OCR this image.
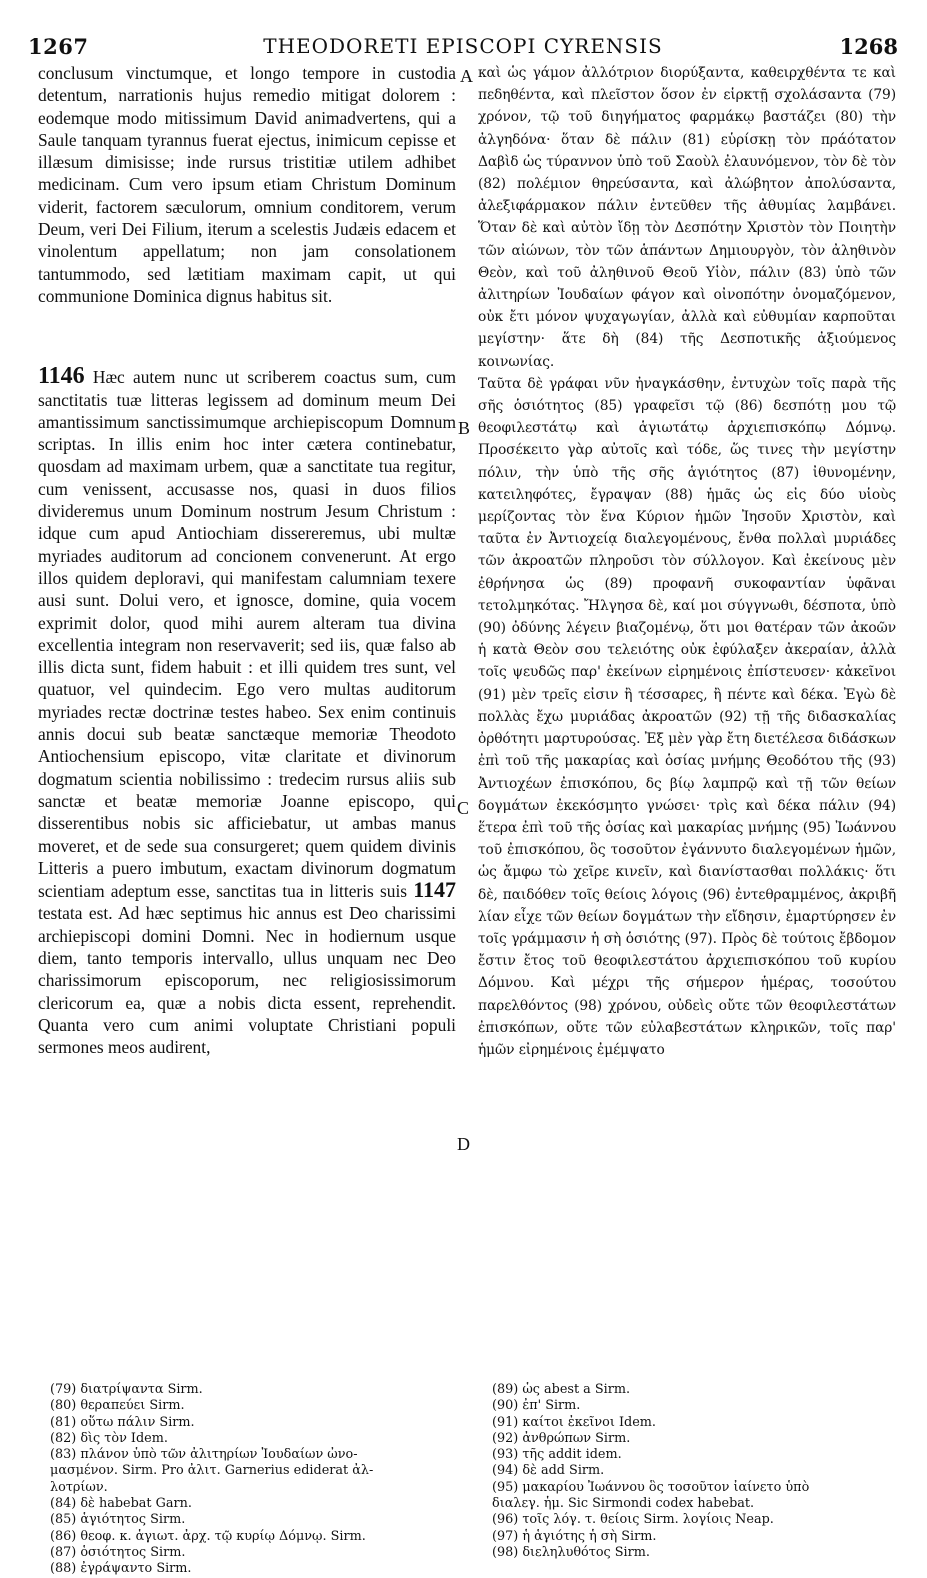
1267	THEODORETI EPISCOPI CYRENSIS	1268

conclusum vinctumque, et longo tempore in custodia detentum, narrationis hujus remedio mitigat dolorem : eodemque modo mitissimum David animadvertens, qui a Saule tanquam tyrannus fuerat ejectus, inimicum cepisse et illæsum dimisisse; inde rursus tristitiæ utilem adhibet medicinam. Cum vero ipsum etiam Christum Dominum viderit, factorem sæculorum, omnium conditorem, verum Deum, veri Dei Filium, iterum a scelestis Judæis edacem et vinolentum appellatum; non jam consolationem tantummodo, sed lætitiam maximam capit, ut qui communione Dominica dignus habitus sit.

1146 Hæc autem nunc ut scriberem coactus sum, cum sanctitatis tuæ litteras legissem ad dominum meum Dei amantissimum sanctissimumque archiepiscopum Domnum scriptas. In illis enim hoc inter cætera continebatur, quosdam ad maximam urbem, quæ a sanctitate tua regitur, cum venissent, accusasse nos, quasi in duos filios divideremus unum Dominum nostrum Jesum Christum : idque cum apud Antiochiam dissereremus, ubi multæ myriades auditorum ad concionem convenerunt. At ergo illos quidem deploravi, qui manifestam calumniam texere ausi sunt. Dolui vero, et ignosce, domine, quia vocem exprimit dolor, quod mihi aurem alteram tua divina excellentia integram non reservaverit; sed iis, quæ falso ab illis dicta sunt, fidem habuit : et illi quidem tres sunt, vel quatuor, vel quindecim. Ego vero multas auditorum myriades rectæ doctrinæ testes habeo. Sex enim continuis annis docui sub beatæ sanctæque memoriæ Theodoto Antiochensium episcopo, vitæ claritate et divinorum dogmatum scientia nobilissimo : tredecim rursus aliis sub sanctæ et beatæ memoriæ Joanne episcopo, qui disserentibus nobis sic afficiebatur, ut ambas manus moveret, et de sede sua consurgeret; quem quidem divinis Litteris a puero imbutum, exactam divinorum dogmatum scientiam adeptum esse, sanctitas tua in litteris suis 1147 testata est. Ad hæc septimus hic annus est Deo charissimi archiepiscopi domini Domni. Nec in hodiernum usque diem, tanto temporis intervallo, ullus unquam nec Deo charissimorum episcoporum, nec religiosissimorum clericorum ea, quæ a nobis dicta essent, reprehendit. Quanta vero cum animi voluptate Christiani populi sermones meos audirent,

A
B
C
D

καὶ ὡς γάμον ἀλλότριον διορύξαντα, καθειρχθέντα τε καὶ πεδηθέντα, καὶ πλεῖστον ὅσον ἐν εἱρκτῇ σχολάσαντα (79) χρόνον, τῷ τοῦ διηγήματος φαρμάκῳ βαστάζει (80) τὴν ἀλγηδόνα· ὅταν δὲ πάλιν (81) εὑρίσκῃ τὸν πράότατον Δαβὶδ ὡς τύραννον ὑπὸ τοῦ Σαοὺλ ἐλαυνόμενον, τὸν δὲ τὸν (82) πολέμιον θηρεύσαντα, καὶ ἀλώβητον ἀπολύσαντα, ἀλεξιφάρμακον πάλιν ἐντεῦθεν τῆς ἀθυμίας λαμβάνει. Ὅταν δὲ καὶ αὐτὸν ἴδῃ τὸν Δεσπότην Χριστὸν τὸν Ποιητὴν τῶν αἰώνων, τὸν τῶν ἁπάντων Δημιουργὸν, τὸν ἀληθινὸν Θεὸν, καὶ τοῦ ἀληθινοῦ Θεοῦ Υἱὸν, πάλιν (83) ὑπὸ τῶν ἀλιτηρίων Ἰουδαίων φάγον καὶ οἰνοπότην ὀνομαζόμενον, οὐκ ἔτι μόνον ψυχαγωγίαν, ἀλλὰ καὶ εὐθυμίαν καρποῦται μεγίστην· ἅτε δὴ (84) τῆς Δεσποτικῆς ἀξιούμενος κοινωνίας.

Ταῦτα δὲ γράφαι νῦν ἠναγκάσθην, ἐντυχὼν τοῖς παρὰ τῆς σῆς ὁσιότητος (85) γραφεῖσι τῷ (86) δεσπότῃ μου τῷ θεοφιλεστάτῳ καὶ ἁγιωτάτῳ ἀρχιεπισκόπῳ Δόμνῳ. Προσέκειτο γὰρ αὐτοῖς καὶ τόδε, ὥς τινες τὴν μεγίστην πόλιν, τὴν ὑπὸ τῆς σῆς ἁγιότητος (87) ἰθυνομένην, κατειληφότες, ἔγραψαν (88) ἡμᾶς ὡς εἰς δύο υἱοὺς μερίζοντας τὸν ἕνα Κύριον ἡμῶν Ἰησοῦν Χριστὸν, καὶ ταῦτα ἐν Ἀντιοχείᾳ διαλεγομένους, ἔνθα πολλαὶ μυριάδες τῶν ἀκροατῶν πληροῦσι τὸν σύλλογον. Καὶ ἐκείνους μὲν ἐθρήνησα ὡς (89) προφανῆ συκοφαντίαν ὑφᾶναι τετολμηκότας. Ἤλγησα δὲ, καί μοι σύγγνωθι, δέσποτα, ὑπὸ (90) ὀδύνης λέγειν βιαζομένῳ, ὅτι μοι θατέραν τῶν ἀκοῶν ἡ κατὰ Θεὸν σου τελειότης οὐκ ἐφύλαξεν ἀκεραίαν, ἀλλὰ τοῖς ψευδῶς παρ' ἐκείνων εἰρημένοις ἐπίστευσεν· κἀκεῖνοι (91) μὲν τρεῖς εἰσιν ἢ τέσσαρες, ἢ πέντε καὶ δέκα. Ἐγὼ δὲ πολλὰς ἔχω μυριάδας ἀκροατῶν (92) τῇ τῆς διδασκαλίας ὀρθότητι μαρτυρούσας. Ἐξ μὲν γὰρ ἔτη διετέλεσα διδάσκων ἐπὶ τοῦ τῆς μακαρίας καὶ ὁσίας μνήμης Θεοδότου τῆς (93) Ἀντιοχέων ἐπισκόπου, δς βίῳ λαμπρῷ καὶ τῇ τῶν θείων δογμάτων ἐκεκόσμητο γνώσει· τρὶς καὶ δέκα πάλιν (94) ἕτερα ἐπὶ τοῦ τῆς ὁσίας καὶ μακαρίας μνήμης (95) Ἰωάννου τοῦ ἐπισκόπου, ὃς τοσοῦτον ἐγάννυτο διαλεγομένων ἡμῶν, ὡς ἄμφω τὼ χεῖρε κινεῖν, καὶ διανίστασθαι πολλάκις· ὅτι δὲ, παιδόθεν τοῖς θείοις λόγοις (96) ἐντεθραμμένος, ἀκριβῆ λίαν εἶχε τῶν θείων δογμάτων τὴν εἴδησιν, ἐμαρτύρησεν ἐν τοῖς γράμμασιν ἡ σὴ ὁσιότης (97). Πρὸς δὲ τούτοις ἔβδομον ἔστιν ἔτος τοῦ θεοφιλεστάτου ἀρχιεπισκόπου τοῦ κυρίου Δόμνου. Καὶ μέχρι τῆς σήμερον ἡμέρας, τοσούτου παρελθόντος (98) χρόνου, οὐδεὶς οὔτε τῶν θεοφιλεστάτων ἐπισκόπων, οὔτε τῶν εὐλαβεστάτων κληρικῶν, τοῖς παρ' ἡμῶν εἰρημένοις ἐμέμψατο

(79) διατρίψαντα Sirm.
(80) θεραπεύει Sirm.
(81) οὕτω πάλιν Sirm.
(82) δὶς τὸν Idem.
(83) πλάνον ὑπὸ τῶν ἀλιτηρίων Ἰουδαίων ὠνο-
μασμένον. Sirm. Pro ἀλιτ. Garnerius ediderat ἀλ-
λοτρίων.
(84) δὲ habebat Garn.
(85) ἁγιότητος Sirm.
(86) θεοφ. κ. ἁγιωτ. ἀρχ. τῷ κυρίῳ Δόμνῳ. Sirm.
(87) ὁσιότητος Sirm.
(88) ἐγράψαντο Sirm.
(89) ὡς abest a Sirm.
(90) ἐπ' Sirm.
(91) καίτοι ἐκεῖνοι Idem.
(92) ἀνθρώπων Sirm.
(93) τῆς addit idem.
(94) δὲ add Sirm.
(95) μακαρίου Ἰωάννου ὃς τοσοῦτον ἰαίνετο ὑπὸ
διαλεγ. ἡμ. Sic Sirmondi codex habebat.
(96) τοῖς λόγ. τ. θείοις Sirm. λογίοις Neap.
(97) ἡ ἁγιότης ἡ σὴ Sirm.
(98) διεληλυθότος Sirm.
